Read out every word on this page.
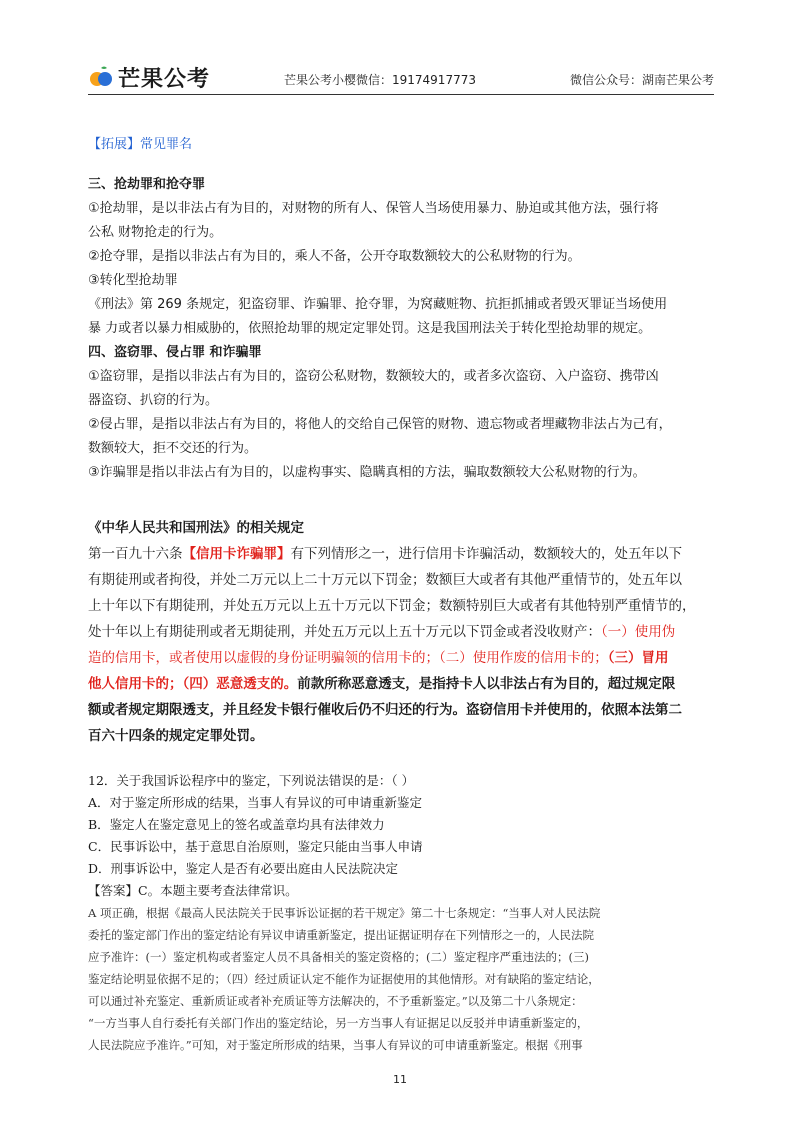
芒果公考	芒果公考小樱微信：19174917773	微信公众号：湖南芒果公考
【拓展】常见罪名
三、抢劫罪和抢夺罪
①抢劫罪，是以非法占有为目的，对财物的所有人、保管人当场使用暴力、胁迫或其他方法，强行将
公私 财物抢走的行为。
②抢夺罪，是指以非法占有为目的，乘人不备，公开夺取数额较大的公私财物的行为。
③转化型抢劫罪
《刑法》第 269 条规定，犯盗窃罪、诈骗罪、抢夺罪，为窝藏赃物、抗拒抓捕或者毁灭罪证当场使用
暴 力或者以暴力相威胁的，依照抢劫罪的规定定罪处罚。这是我国刑法关于转化型抢劫罪的规定。
四、盗窃罪、侵占罪 和诈骗罪
①盗窃罪，是指以非法占有为目的，盗窃公私财物，数额较大的，或者多次盗窃、入户盗窃、携带凶
器盗窃、扒窃的行为。
②侵占罪，是指以非法占有为目的，将他人的交给自己保管的财物、遗忘物或者埋藏物非法占为己有，
数额较大，拒不交还的行为。
③诈骗罪是指以非法占有为目的，以虚构事实、隐瞒真相的方法，骗取数额较大公私财物的行为。
《中华人民共和国刑法》的相关规定
第一百九十六条【信用卡诈骗罪】有下列情形之一，进行信用卡诈骗活动，数额较大的，处五年以下
有期徒刑或者拘役，并处二万元以上二十万元以下罚金；数额巨大或者有其他严重情节的，处五年以
上十年以下有期徒刑，并处五万元以上五十万元以下罚金；数额特别巨大或者有其他特别严重情节的，
处十年以上有期徒刑或者无期徒刑，并处五万元以上五十万元以下罚金或者没收财产：（一）使用伪
造的信用卡，或者使用以虚假的身份证明骗领的信用卡的；（二）使用作废的信用卡的；（三）冒用
他人信用卡的；（四）恶意透支的。前款所称恶意透支，是指持卡人以非法占有为目的，超过规定限
额或者规定期限透支，并且经发卡银行催收后仍不归还的行为。盗窃信用卡并使用的，依照本法第二
百六十四条的规定定罪处罚。
12．关于我国诉讼程序中的鉴定，下列说法错误的是：（ ）
A．对于鉴定所形成的结果，当事人有异议的可申请重新鉴定
B．鉴定人在鉴定意见上的签名或盖章均具有法律效力
C．民事诉讼中，基于意思自治原则，鉴定只能由当事人申请
D．刑事诉讼中，鉴定人是否有必要出庭由人民法院决定
【答案】C。本题主要考查法律常识。
A 项正确，根据《最高人民法院关于民事诉讼证据的若干规定》第二十七条规定：“当事人对人民法院
委托的鉴定部门作出的鉴定结论有异议申请重新鉴定，提出证据证明存在下列情形之一的，人民法院
应予准许：(一）鉴定机构或者鉴定人员不具备相关的鉴定资格的；(二）鉴定程序严重违法的；(三)
鉴定结论明显依据不足的；（四）经过质证认定不能作为证据使用的其他情形。对有缺陷的鉴定结论，
可以通过补充鉴定、重新质证或者补充质证等方法解决的，不予重新鉴定。”以及第二十八条规定：
“一方当事人自行委托有关部门作出的鉴定结论，另一方当事人有证据足以反驳并申请重新鉴定的，
人民法院应予准许。”可知，对于鉴定所形成的结果，当事人有异议的可申请重新鉴定。根据《刑事
11
